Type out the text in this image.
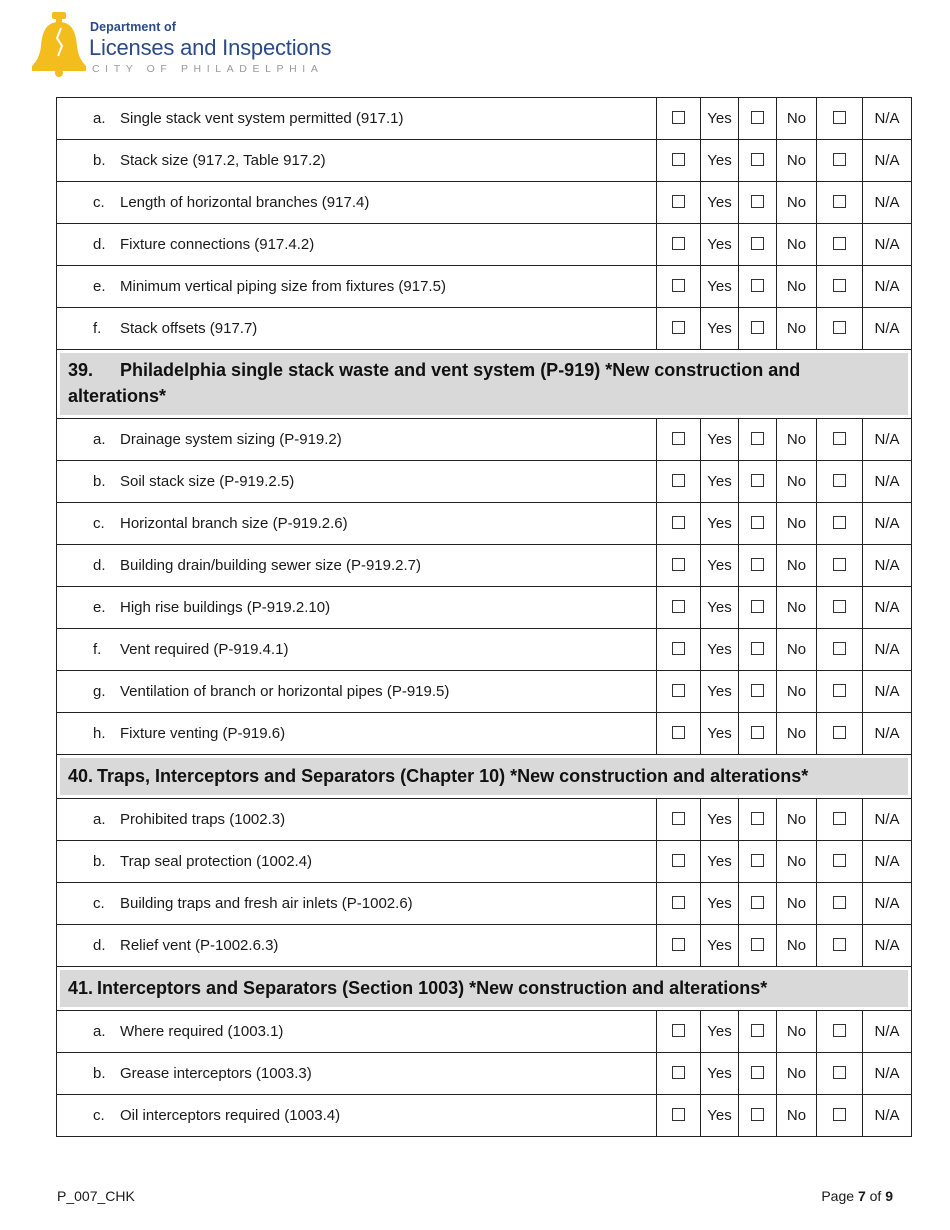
Department of
Licenses and Inspections
CITY OF PHILADELPHIA
a. Single stack vent system permitted (917.1)		Yes		No		N/A
b. Stack size (917.2, Table 917.2)		Yes		No		N/A
c. Length of horizontal branches (917.4)		Yes		No		N/A
d. Fixture connections (917.4.2)		Yes		No		N/A
e. Minimum vertical piping size from fixtures (917.5)		Yes		No		N/A
f. Stack offsets (917.7)		Yes		No		N/A

39. Philadelphia single stack waste and vent system (P-919) *New construction and alterations*						

a. Drainage system sizing (P-919.2)		Yes		No		N/A
b. Soil stack size (P-919.2.5)		Yes		No		N/A
c. Horizontal branch size (P-919.2.6)		Yes		No		N/A
d. Building drain/building sewer size (P-919.2.7)		Yes		No		N/A
e. High rise buildings (P-919.2.10)		Yes		No		N/A
f. Vent required (P-919.4.1)		Yes		No		N/A
g. Ventilation of branch or horizontal pipes (P-919.5)		Yes		No		N/A
h. Fixture venting (P-919.6)		Yes		No		N/A

40. Traps, Interceptors and Separators (Chapter 10) *New construction and alterations*						

a. Prohibited traps (1002.3)		Yes		No		N/A
b. Trap seal protection (1002.4)		Yes		No		N/A
c. Building traps and fresh air inlets (P-1002.6)		Yes		No		N/A
d. Relief vent (P-1002.6.3)		Yes		No		N/A

41. Interceptors and Separators (Section 1003) *New construction and alterations*						

a. Where required (1003.1)		Yes		No		N/A
b. Grease interceptors (1003.3)		Yes		No		N/A
c. Oil interceptors required (1003.4)		Yes		No		N/A
P_007_CHK	Page 7 of 9
